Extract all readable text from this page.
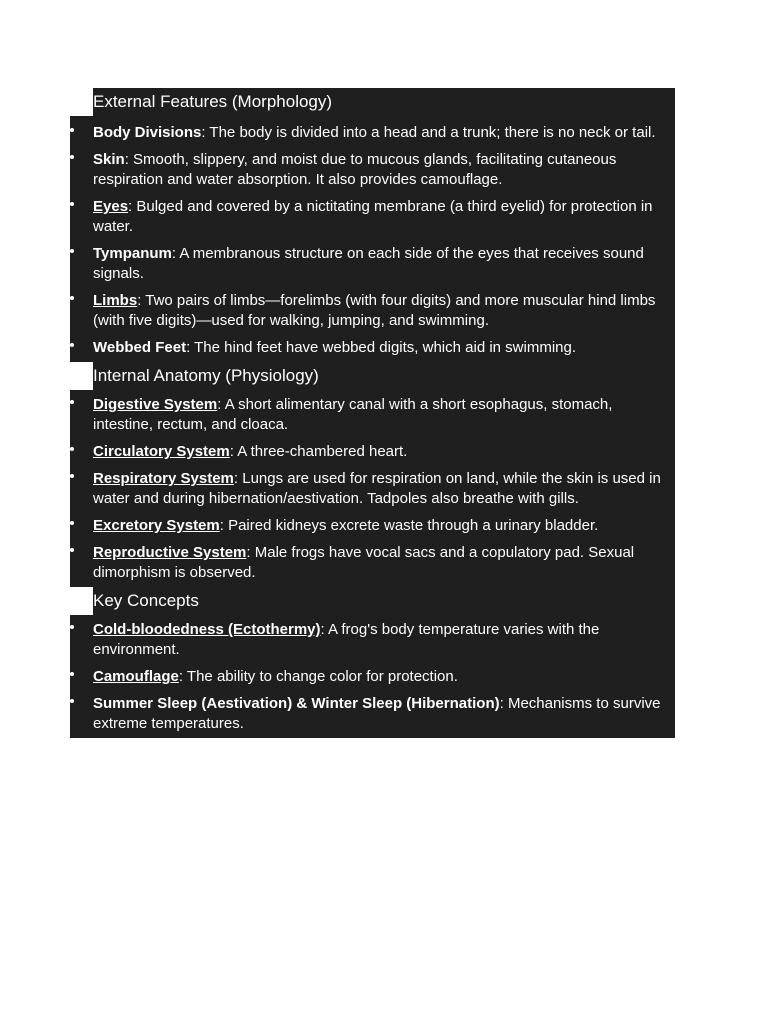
External Features (Morphology)
Body Divisions: The body is divided into a head and a trunk; there is no neck or tail.
Skin: Smooth, slippery, and moist due to mucous glands, facilitating cutaneous respiration and water absorption. It also provides camouflage.
Eyes: Bulged and covered by a nictitating membrane (a third eyelid) for protection in water.
Tympanum: A membranous structure on each side of the eyes that receives sound signals.
Limbs: Two pairs of limbs—forelimbs (with four digits) and more muscular hind limbs (with five digits)—used for walking, jumping, and swimming.
Webbed Feet: The hind feet have webbed digits, which aid in swimming.
Internal Anatomy (Physiology)
Digestive System: A short alimentary canal with a short esophagus, stomach, intestine, rectum, and cloaca.
Circulatory System: A three-chambered heart.
Respiratory System: Lungs are used for respiration on land, while the skin is used in water and during hibernation/aestivation. Tadpoles also breathe with gills.
Excretory System: Paired kidneys excrete waste through a urinary bladder.
Reproductive System: Male frogs have vocal sacs and a copulatory pad. Sexual dimorphism is observed.
Key Concepts
Cold-bloodedness (Ectothermy): A frog's body temperature varies with the environment.
Camouflage: The ability to change color for protection.
Summer Sleep (Aestivation) & Winter Sleep (Hibernation): Mechanisms to survive extreme temperatures.
